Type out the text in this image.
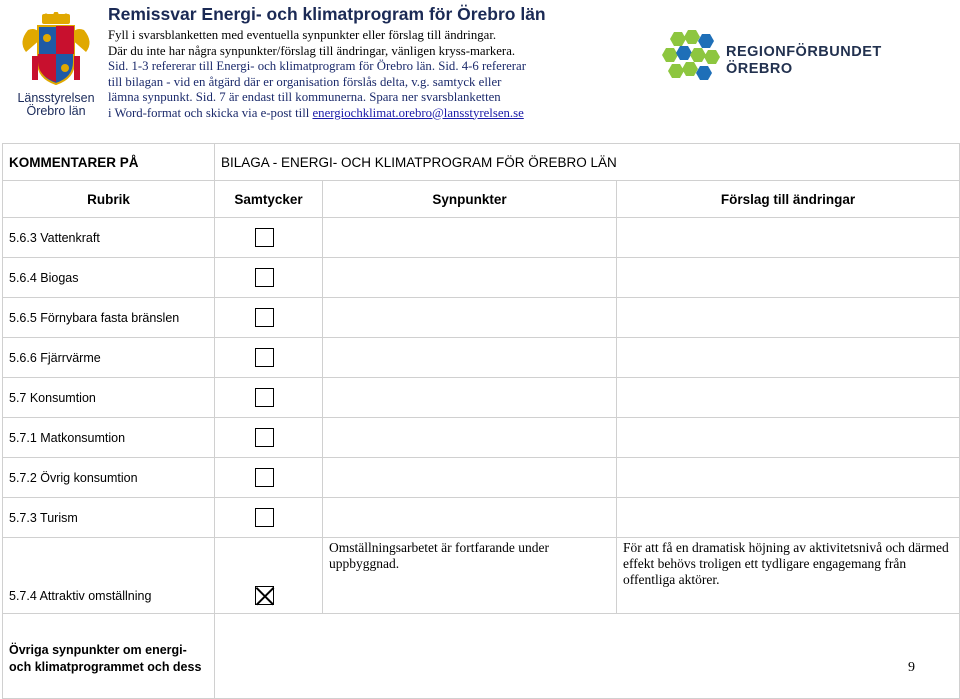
Länsstyrelsen
Örebro län
Remissvar Energi- och klimatprogram för Örebro län
Fyll i svarsblanketten med eventuella synpunkter eller förslag till ändringar.
Där du inte har några synpunkter/förslag till ändringar, vänligen kryss-markera.
Sid. 1-3 refererar till Energi- och klimatprogram för Örebro län. Sid. 4-6 refererar
till bilagan - vid en åtgärd där er organisation förslås delta, v.g. samtyck eller
lämna synpunkt. Sid. 7 är endast till kommunerna. Spara ner svarsblanketten
i Word-format och skicka via e-post till energiochklimat.orebro@lansstyrelsen.se
REGIONFÖRBUNDET
ÖREBRO
KOMMENTARER PÅ	BILAGA - ENERGI- OCH KLIMATPROGRAM FÖR ÖREBRO LÄN		
Rubrik	Samtycker	Synpunkter	Förslag till ändringar
5.6.3 Vattenkraft			
5.6.4 Biogas			
5.6.5 Förnybara fasta bränslen			
5.6.6 Fjärrvärme			
5.7 Konsumtion			
5.7.1 Matkonsumtion			
5.7.2 Övrig konsumtion			
5.7.3 Turism			
5.7.4 Attraktiv omställning		Omställningsarbetet är fortfarande under uppbyggnad.	För att få en dramatisk höjning av aktivitetsnivå och därmed effekt behövs troligen ett tydligare engagemang från offentliga aktörer.

Övriga synpunkter om energi-
och klimatprogrammet och dess			
		9
